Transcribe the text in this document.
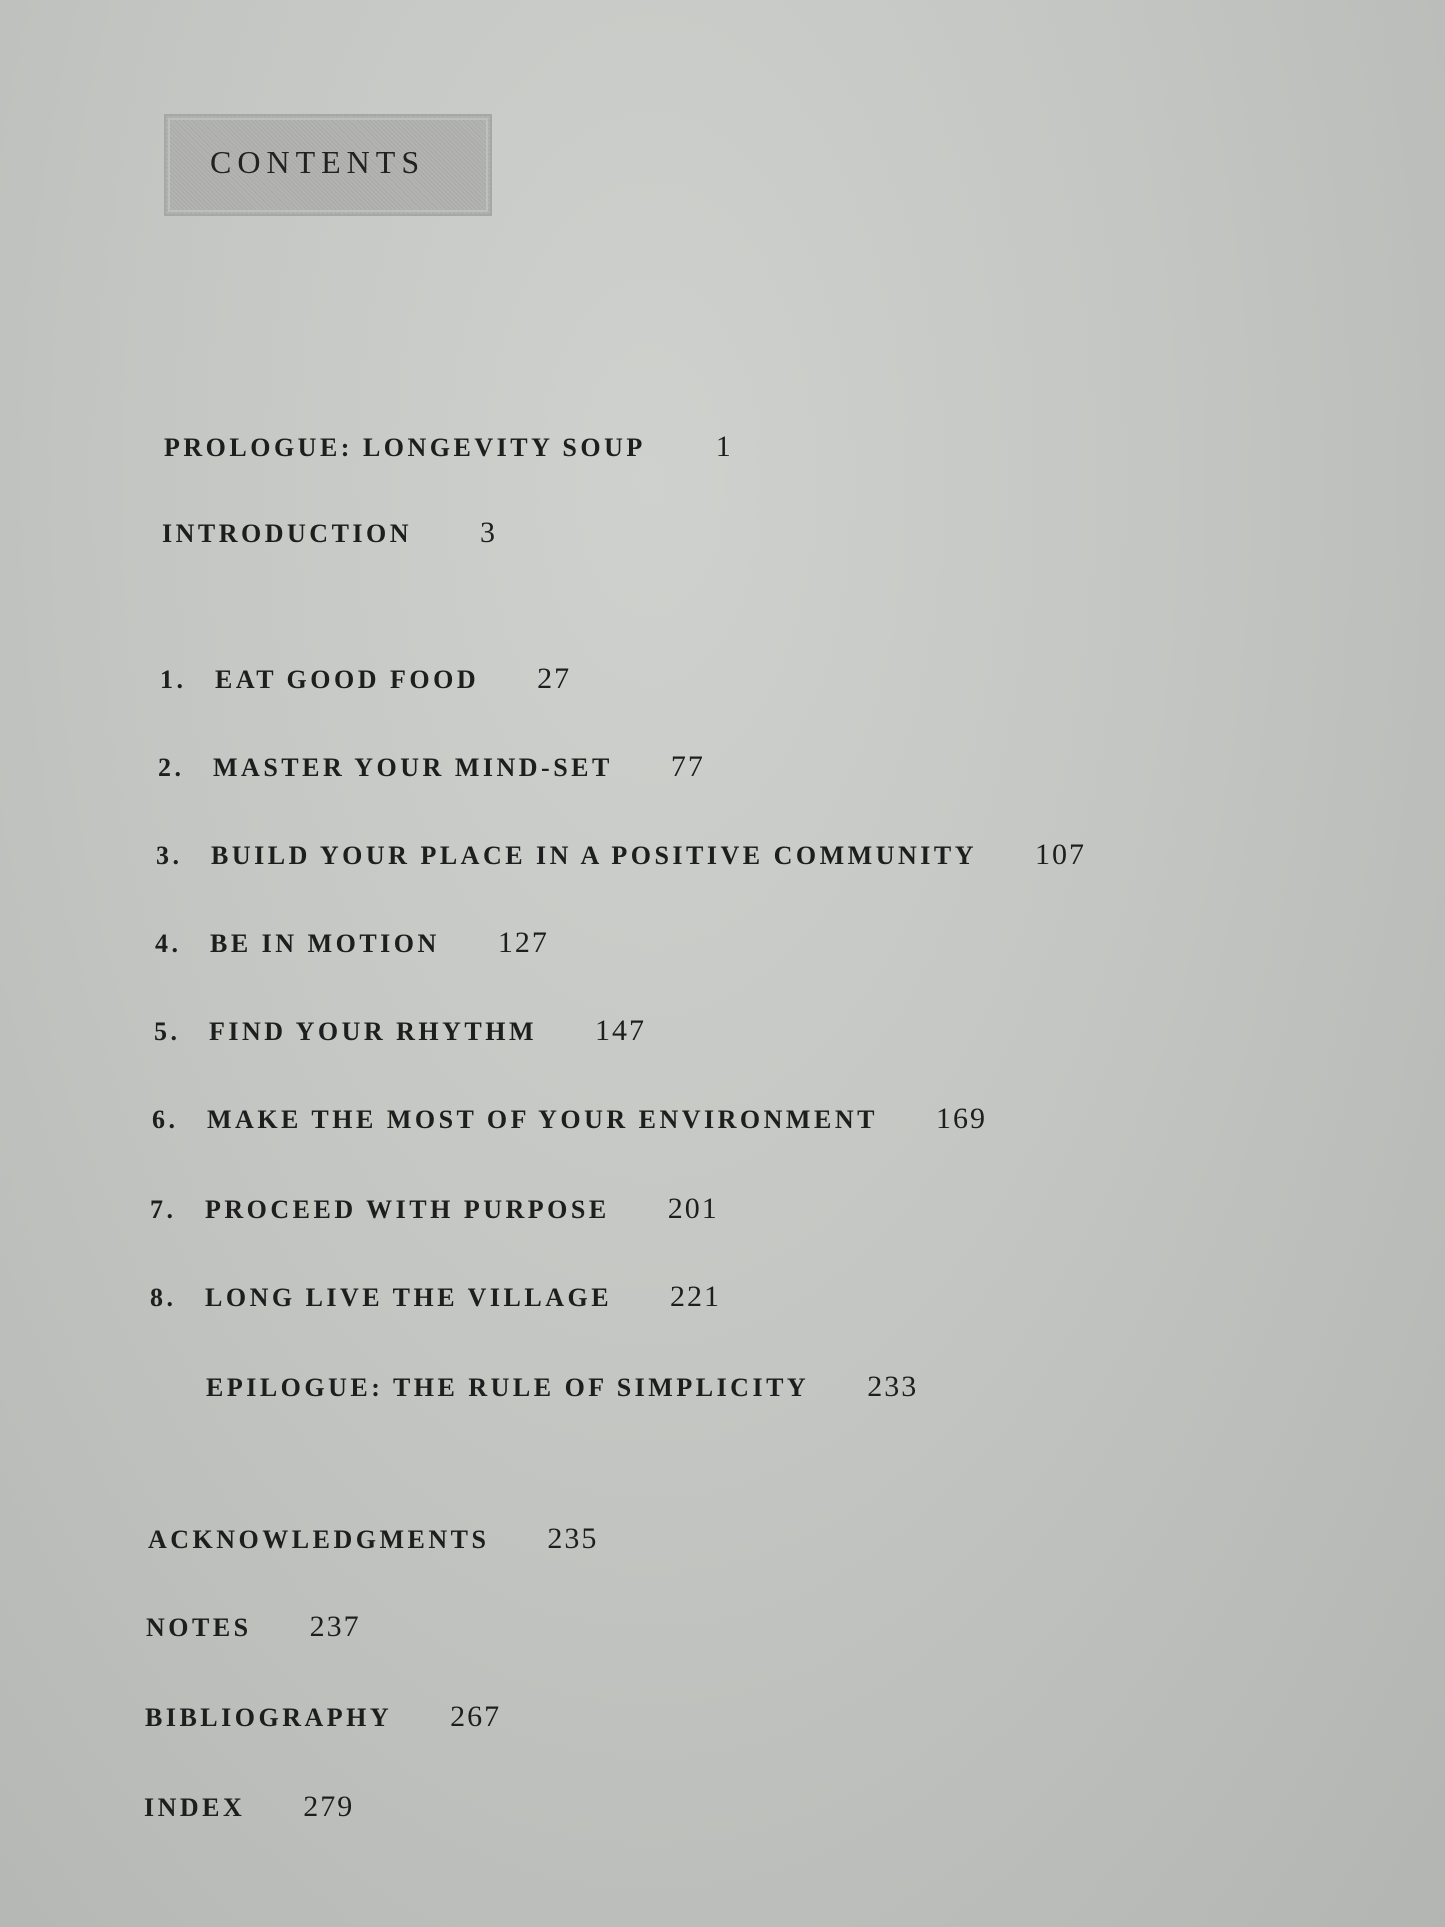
CONTENTS
PROLOGUE: LONGEVITY SOUP 1
INTRODUCTION 3
1. EAT GOOD FOOD 27
2. MASTER YOUR MIND-SET 77
3. BUILD YOUR PLACE IN A POSITIVE COMMUNITY 107
4. BE IN MOTION 127
5. FIND YOUR RHYTHM 147
6. MAKE THE MOST OF YOUR ENVIRONMENT 169
7. PROCEED WITH PURPOSE 201
8. LONG LIVE THE VILLAGE 221
EPILOGUE: THE RULE OF SIMPLICITY 233
ACKNOWLEDGMENTS 235
NOTES 237
BIBLIOGRAPHY 267
INDEX 279
